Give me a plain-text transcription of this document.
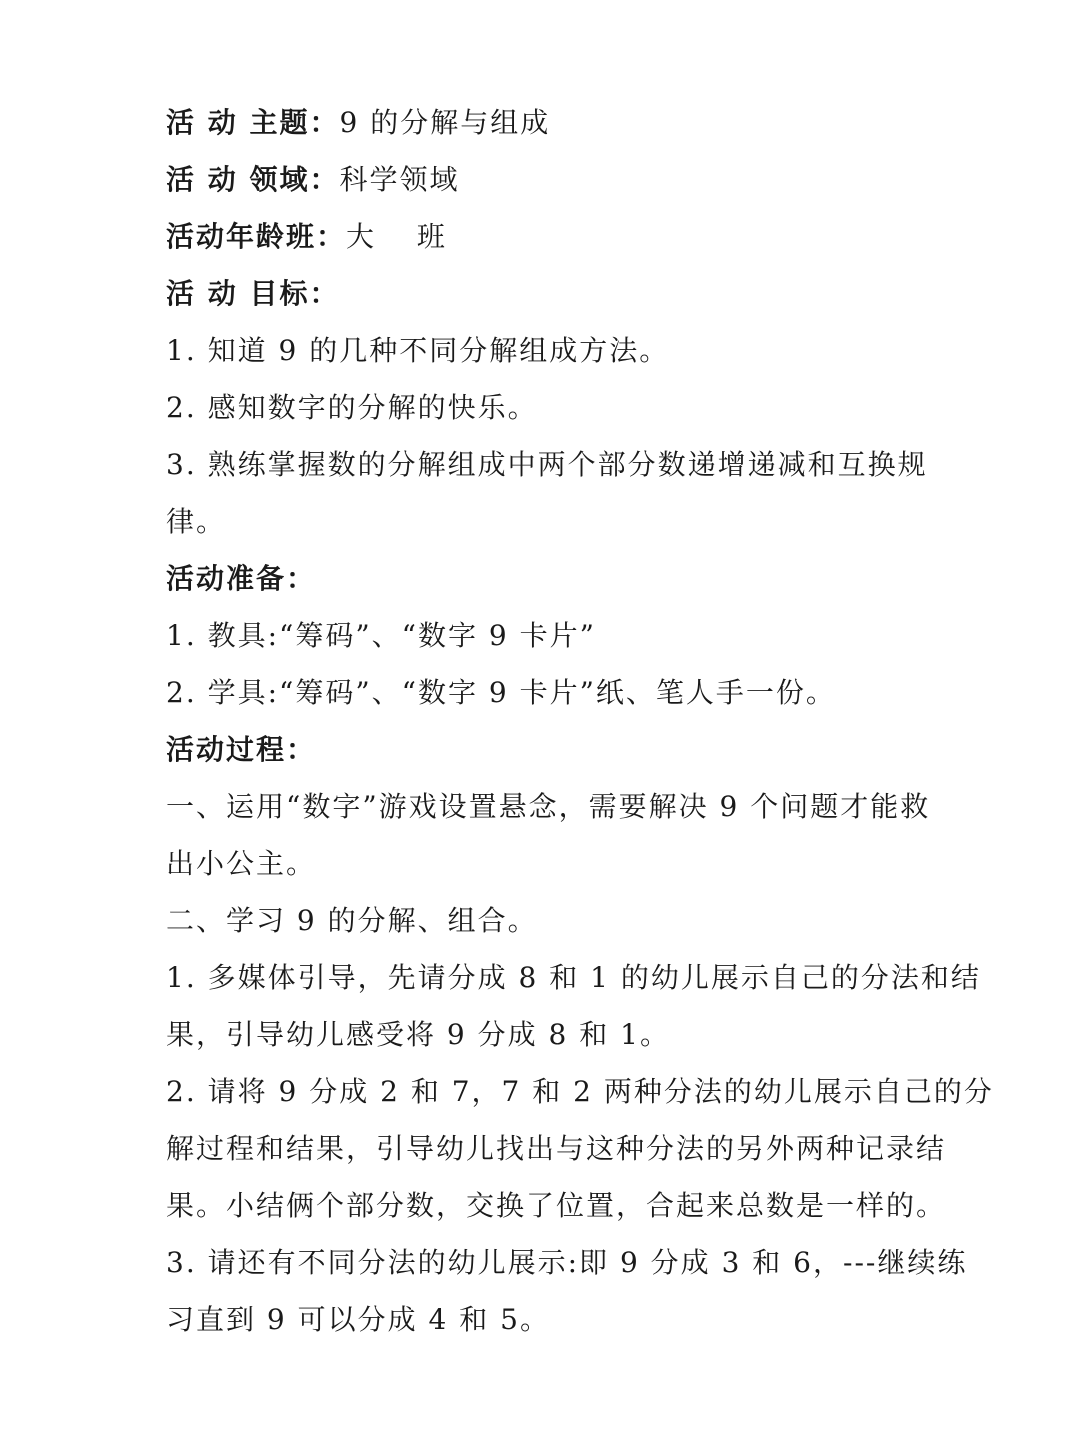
活 动 主题：9 的分解与组成
活 动 领域：科学领域
活动年龄班：大　 班
活 动 目标：
1. 知道 9 的几种不同分解组成方法。
2. 感知数字的分解的快乐。
3. 熟练掌握数的分解组成中两个部分数递增递减和互换规
律。
活动准备：
1. 教具:“筹码”、“数字 9 卡片”
2. 学具:“筹码”、“数字 9 卡片”纸、笔人手一份。
活动过程：
一、运用“数字”游戏设置悬念，需要解决 9 个问题才能救
出小公主。
二、学习 9 的分解、组合。
1. 多媒体引导，先请分成 8 和 1 的幼儿展示自己的分法和结
果，引导幼儿感受将 9 分成 8 和 1。
2. 请将 9 分成 2 和 7，7 和 2 两种分法的幼儿展示自己的分
解过程和结果，引导幼儿找出与这种分法的另外两种记录结
果。小结俩个部分数，交换了位置，合起来总数是一样的。
3. 请还有不同分法的幼儿展示:即 9 分成 3 和 6，---继续练
习直到 9 可以分成 4 和 5。
